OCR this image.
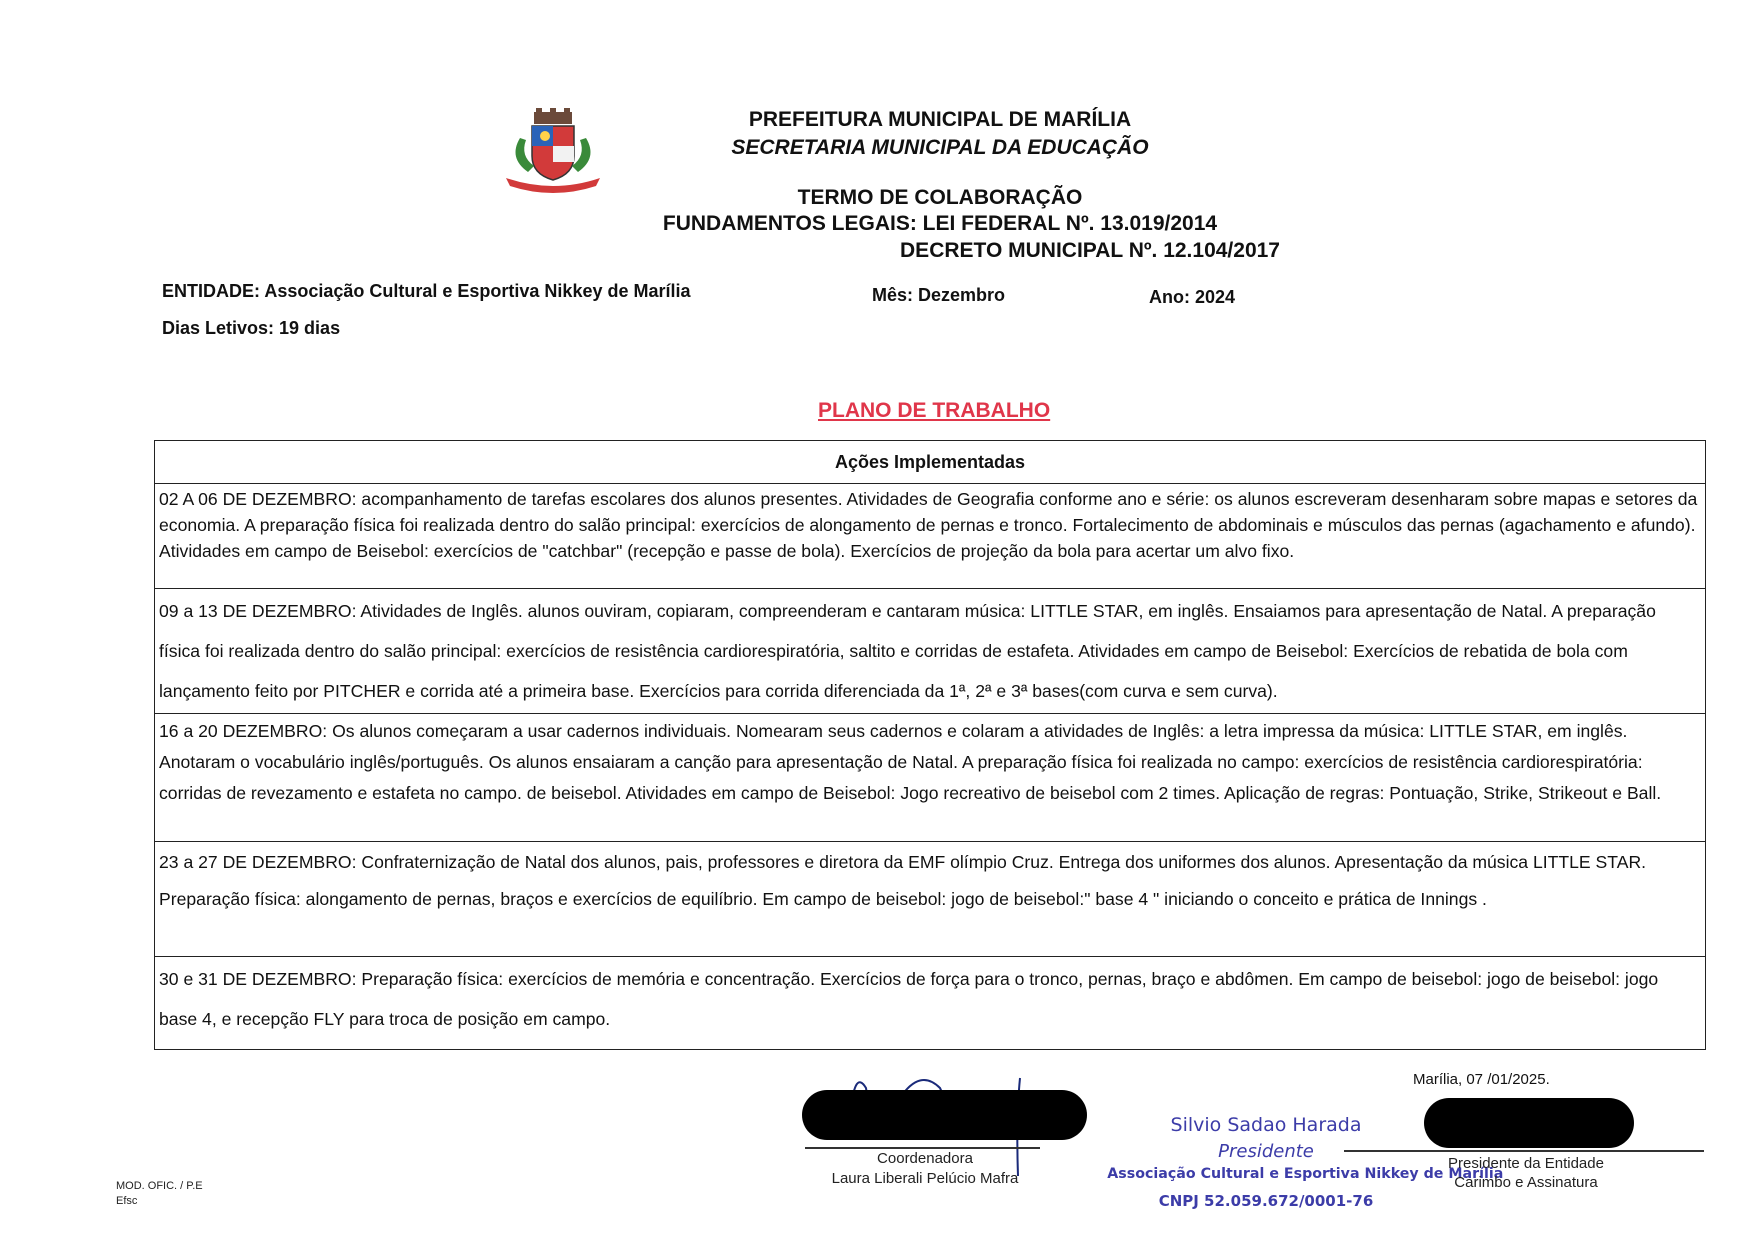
PREFEITURA MUNICIPAL DE MARÍLIA
SECRETARIA MUNICIPAL DA EDUCAÇÃO
TERMO DE COLABORAÇÃO
FUNDAMENTOS LEGAIS: LEI FEDERAL Nº. 13.019/2014
DECRETO MUNICIPAL Nº. 12.104/2017
ENTIDADE: Associação Cultural e Esportiva Nikkey de Marília	Mês: Dezembro	Ano: 2024
Dias Letivos: 19 dias
PLANO DE TRABALHO
Ações Implementadas
02 A 06 DE DEZEMBRO: acompanhamento de tarefas escolares dos alunos presentes. Atividades de Geografia conforme ano e série: os alunos escreveram desenharam sobre mapas e setores da economia. A preparação física foi realizada dentro do salão principal: exercícios de alongamento de pernas e tronco. Fortalecimento de abdominais e músculos das pernas (agachamento e afundo). Atividades em campo de Beisebol: exercícios de "catchbar" (recepção e passe de bola). Exercícios de projeção da bola para acertar um alvo fixo.
09 a 13 DE DEZEMBRO: Atividades de Inglês. alunos ouviram, copiaram, compreenderam e cantaram música: LITTLE STAR, em inglês. Ensaiamos para apresentação de Natal. A preparação física foi realizada dentro do salão principal: exercícios de resistência cardiorespiratória, saltito e corridas de estafeta. Atividades em campo de Beisebol: Exercícios de rebatida de bola com lançamento feito por PITCHER e corrida até a primeira base. Exercícios para corrida diferenciada da 1ª, 2ª e 3ª bases(com curva e sem curva).
16 a 20 DEZEMBRO: Os alunos começaram a usar cadernos individuais. Nomearam seus cadernos e colaram a atividades de Inglês: a letra impressa da música: LITTLE STAR, em inglês. Anotaram o vocabulário inglês/português. Os alunos ensaiaram a canção para apresentação de Natal. A preparação física foi realizada no campo: exercícios de resistência cardiorespiratória: corridas de revezamento e estafeta no campo. de beisebol. Atividades em campo de Beisebol: Jogo recreativo de beisebol com 2 times. Aplicação de regras: Pontuação, Strike, Strikeout e Ball.
23 a 27 DE DEZEMBRO: Confraternização de Natal dos alunos, pais, professores e diretora da EMF olímpio Cruz. Entrega dos uniformes dos alunos. Apresentação da música LITTLE STAR. Preparação física: alongamento de pernas, braços e exercícios de equilíbrio. Em campo de beisebol: jogo de beisebol:" base 4 " iniciando o conceito e prática de Innings .
30 e 31 DE DEZEMBRO: Preparação física: exercícios de memória e concentração. Exercícios de força para o tronco, pernas, braço e abdômen. Em campo de beisebol: jogo de beisebol: jogo base 4, e recepção FLY para troca de posição em campo.
Marília, 07 /01/2025.
Coordenadora
Laura Liberali Pelúcio Mafra
Silvio Sadao Harada
Presidente
Associação Cultural e Esportiva Nikkey de Marília
CNPJ 52.059.672/0001-76
Presidente da Entidade
Carimbo e Assinatura
MOD. OFIC. / P.E
Efsc
